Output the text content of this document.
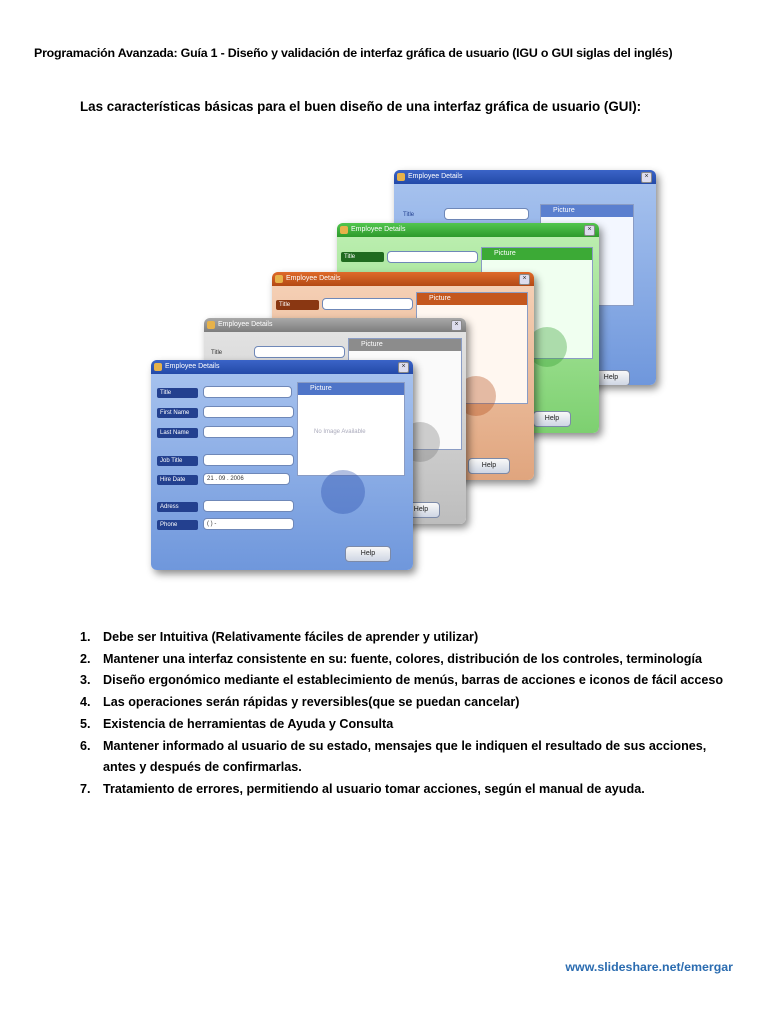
Programación Avanzada: Guía 1 - Diseño y validación de interfaz gráfica de usuario (IGU o GUI siglas del inglés)
Las características básicas para el buen diseño de una interfaz gráfica de usuario (GUI):
Employee Details	×
Title
Picture
Help
Employee Details	×
Title	Picture
Help
Employee Details	×
Title
Picture
Help
Employee Details	×
Title
Picture
Help
Employee Details	×
Title
First Name
Last Name
Job Title
Hire Date	21 . 09 . 2006
Adress
Phone	( ) -
Picture
No Image Available
Help
1. Debe ser Intuitiva (Relativamente fáciles de aprender y utilizar)
2. Mantener una interfaz consistente en su: fuente, colores, distribución de los controles, terminología
3. Diseño ergonómico mediante el establecimiento de menús, barras de acciones e iconos de fácil acceso
4. Las operaciones serán rápidas y reversibles(que se puedan cancelar)
5. Existencia de herramientas de Ayuda y Consulta
6. Mantener informado al usuario de su estado, mensajes que le indiquen el resultado de sus acciones, antes y después de confirmarlas.
7. Tratamiento de errores, permitiendo al usuario tomar acciones, según el manual de ayuda.
www.slideshare.net/emergar
